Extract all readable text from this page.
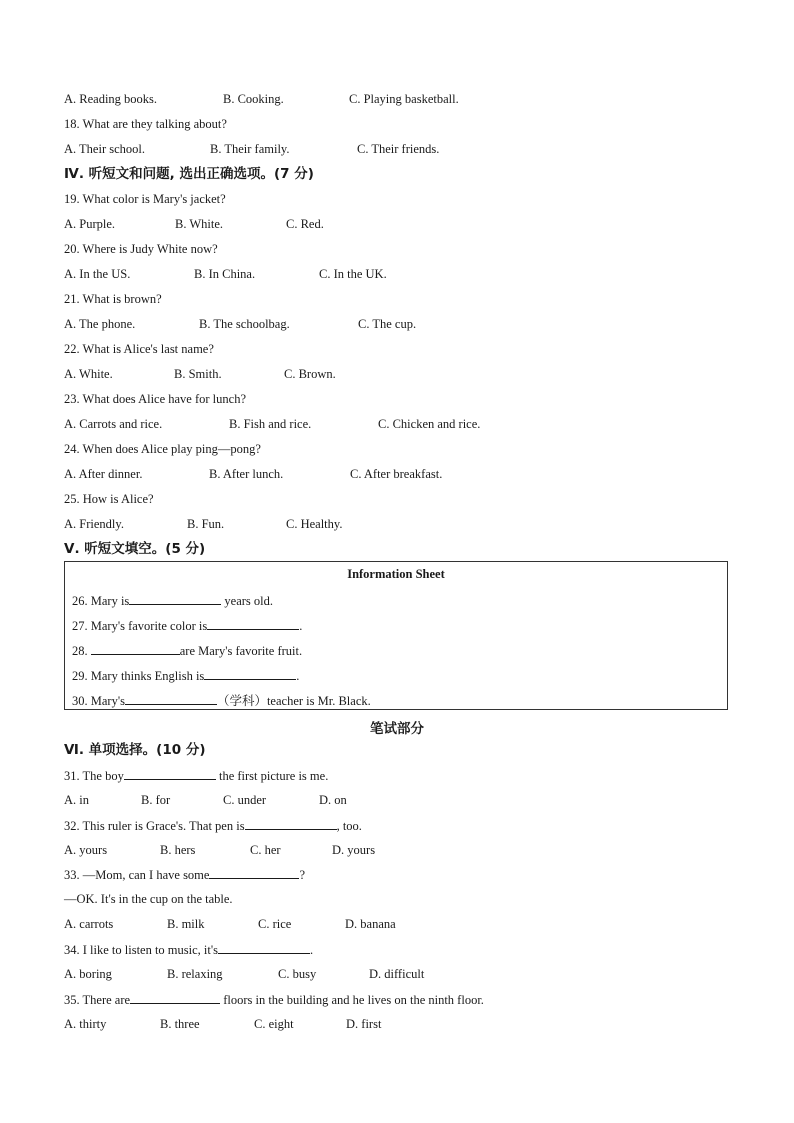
A. Reading books.	B. Cooking.	C. Playing basketball.
18. What are they talking about?
A. Their school.	B. Their family.	C. Their friends.
Ⅳ. 听短文和问题, 选出正确选项。(7 分)
19. What color is Mary's jacket?
A. Purple.	B. White.	C. Red.
20. Where is Judy White now?
A. In the US.	B. In China.	C. In the UK.
21. What is brown?
A. The phone.	B. The schoolbag.	C. The cup.
22. What is Alice's last name?
A. White.	B. Smith.	C. Brown.
23. What does Alice have for lunch?
A. Carrots and rice.	B. Fish and rice.	C. Chicken and rice.
24. When does Alice play ping—pong?
A. After dinner.	B. After lunch.	C. After breakfast.
25. How is Alice?
A. Friendly.	B. Fun.	C. Healthy.
Ⅴ. 听短文填空。(5 分)
Information Sheet
26. Mary is	years old.
27. Mary's favorite color is	.
28.	are Mary's favorite fruit.
29. Mary thinks English is	.
30. Mary's	（学科）teacher is Mr. Black.
笔试部分
Ⅵ. 单项选择。(10 分)
31. The boy	the first picture is me.
A. in	B. for	C. under	D. on
32. This ruler is Grace's. That pen is	, too.
A. yours	B. hers	C. her	D. yours
33. —Mom, can I have some	?
—OK. It's in the cup on the table.
A. carrots	B. milk	C. rice	D. banana
34. I like to listen to music, it's	.
A. boring	B. relaxing	C. busy	D. difficult
35. There are	floors in the building and he lives on the ninth floor.
A. thirty	B. three	C. eight	D. first
